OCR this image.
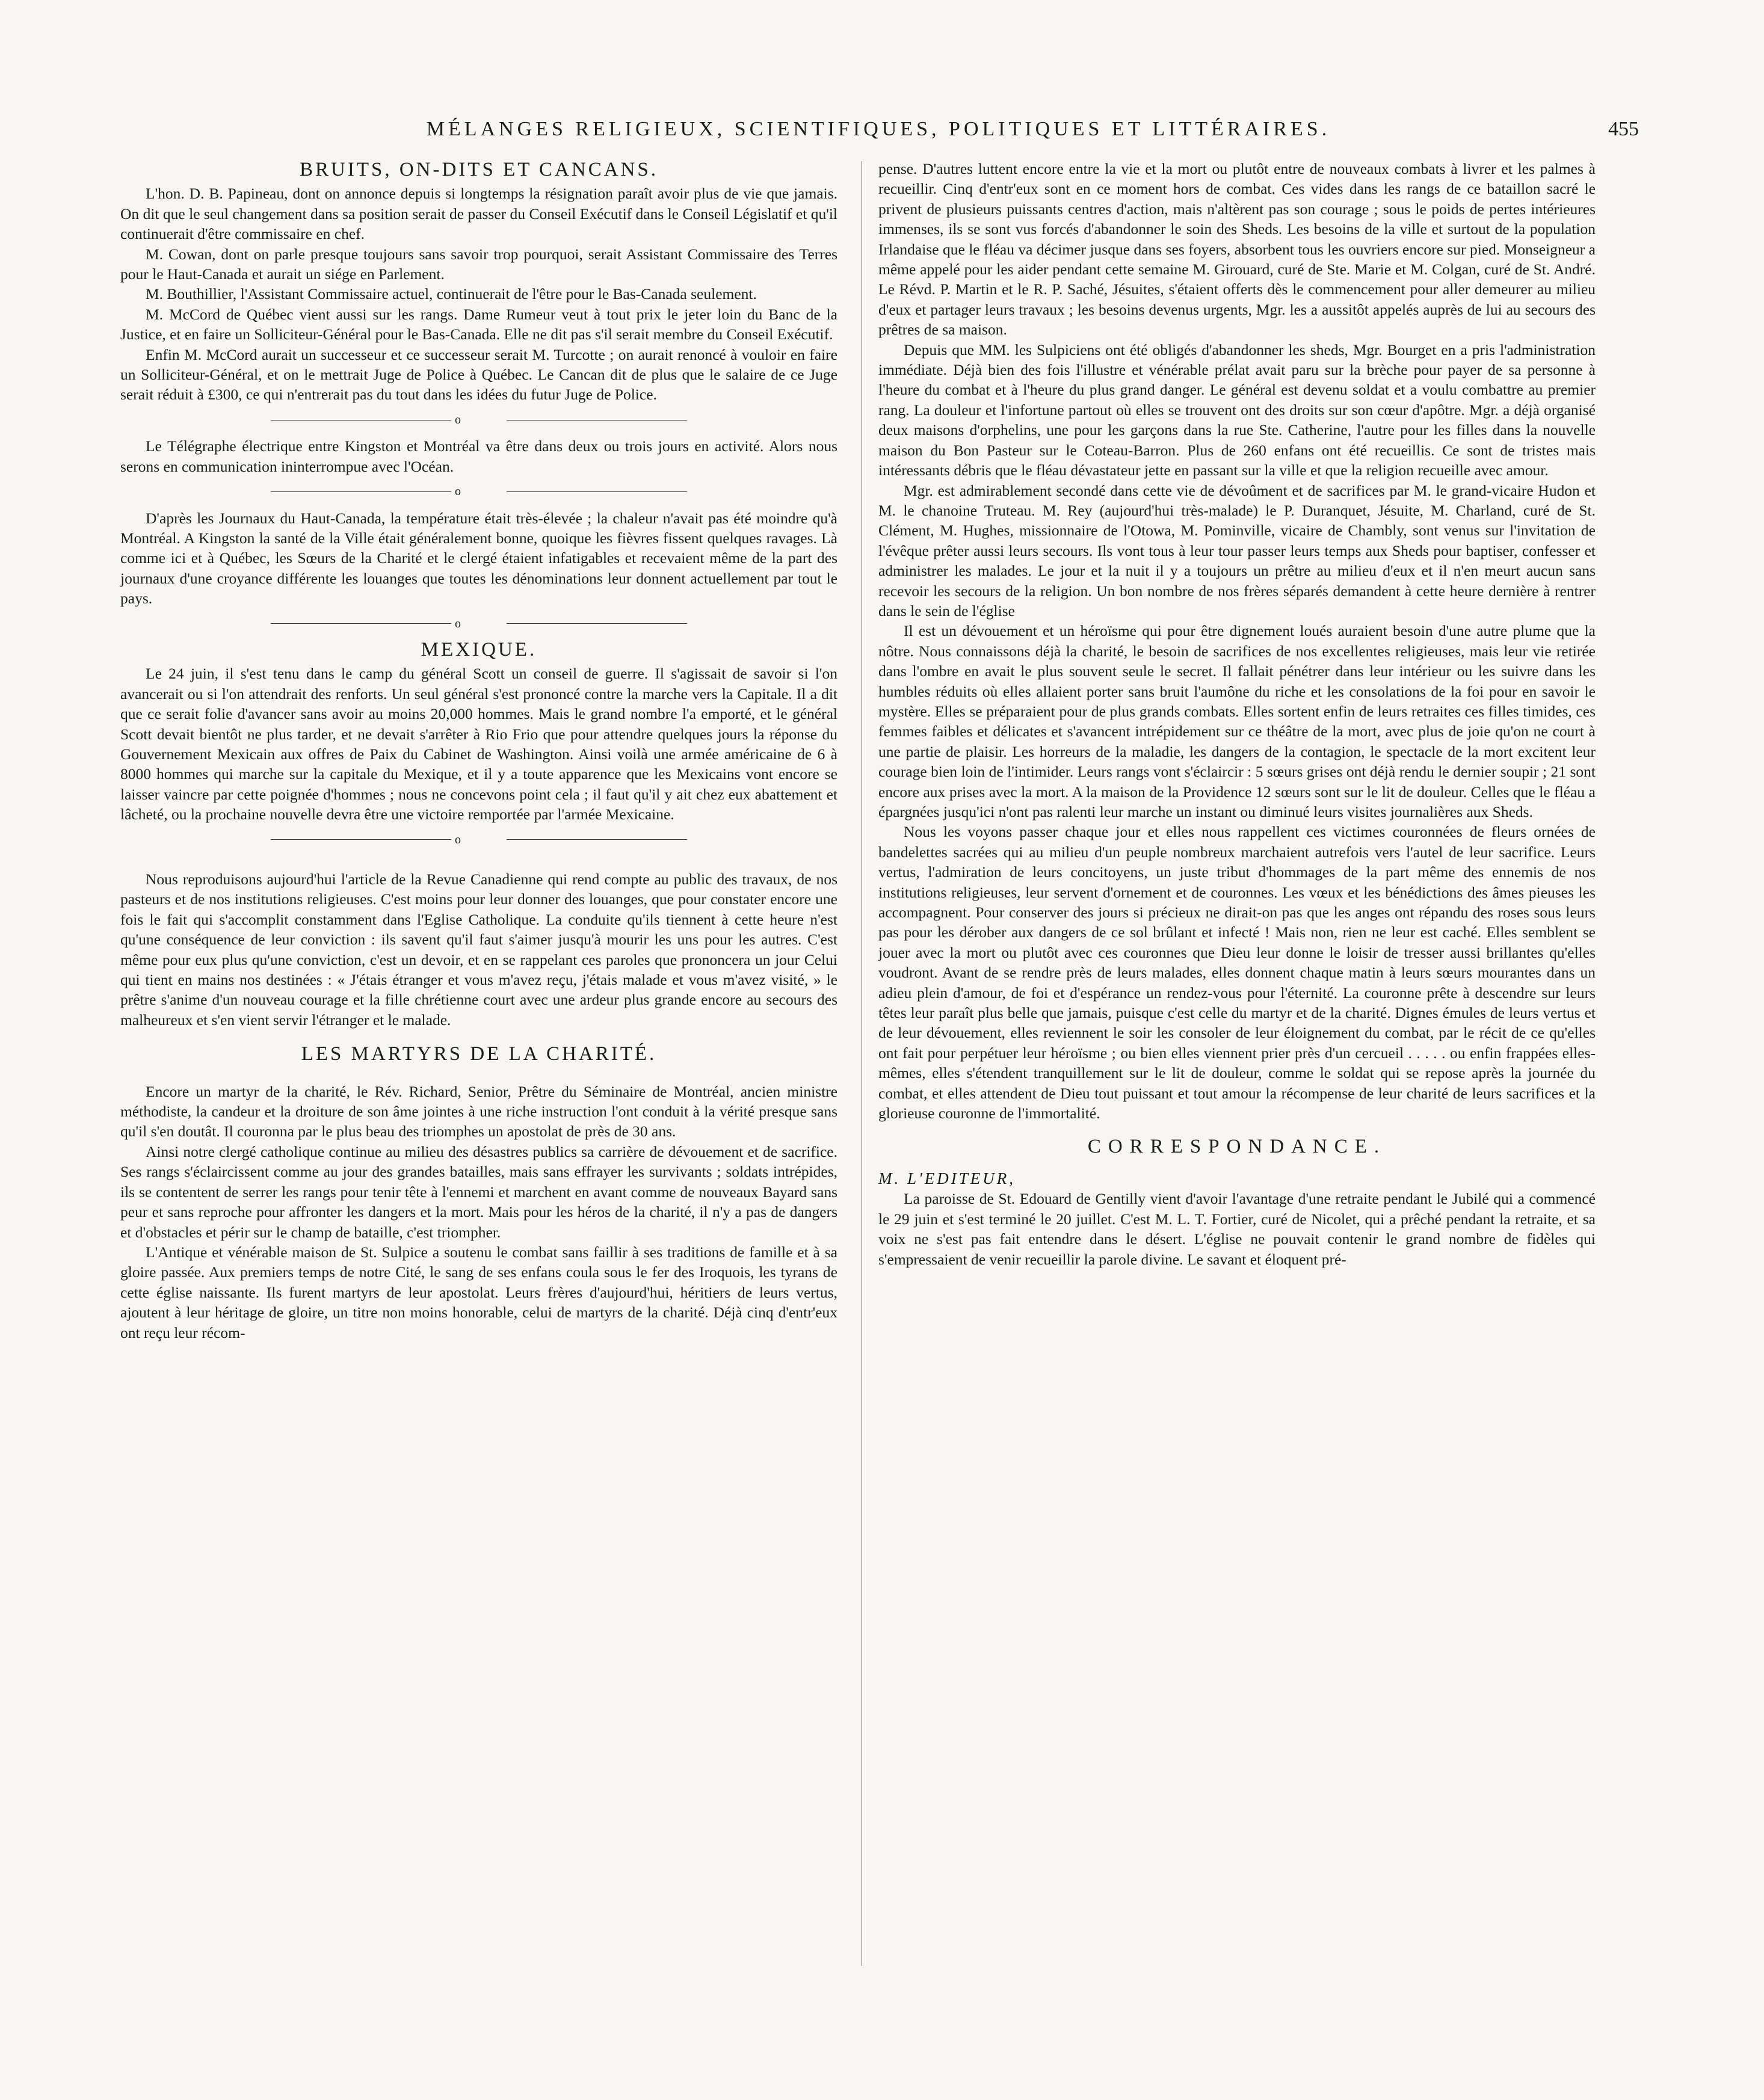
MÉLANGES RELIGIEUX, SCIENTIFIQUES, POLITIQUES ET LITTÉRAIRES.	455
BRUITS, ON-DITS ET CANCANS.

L'hon. D. B. Papineau, dont on annonce depuis si longtemps la résignation paraît avoir plus de vie que jamais. On dit que le seul changement dans sa position serait de passer du Conseil Exécutif dans le Conseil Législatif et qu'il continuerait d'être commissaire en chef.

M. Cowan, dont on parle presque toujours sans savoir trop pourquoi, serait Assistant Commissaire des Terres pour le Haut-Canada et aurait un siége en Parlement.

M. Bouthillier, l'Assistant Commissaire actuel, continuerait de l'être pour le Bas-Canada seulement.

M. McCord de Québec vient aussi sur les rangs. Dame Rumeur veut à tout prix le jeter loin du Banc de la Justice, et en faire un Solliciteur-Général pour le Bas-Canada. Elle ne dit pas s'il serait membre du Conseil Exécutif.

Enfin M. McCord aurait un successeur et ce successeur serait M. Turcotte ; on aurait renoncé à vouloir en faire un Solliciteur-Général, et on le mettrait Juge de Police à Québec. Le Cancan dit de plus que le salaire de ce Juge serait réduit à £300, ce qui n'entrerait pas du tout dans les idées du futur Juge de Police.

o

Le Télégraphe électrique entre Kingston et Montréal va être dans deux ou trois jours en activité. Alors nous serons en communication ininterrompue avec l'Océan.

o

D'après les Journaux du Haut-Canada, la température était très-élevée ; la chaleur n'avait pas été moindre qu'à Montréal. A Kingston la santé de la Ville était généralement bonne, quoique les fièvres fissent quelques ravages. Là comme ici et à Québec, les Sœurs de la Charité et le clergé étaient infatigables et recevaient même de la part des journaux d'une croyance différente les louanges que toutes les dénominations leur donnent actuellement par tout le pays.

o
MEXIQUE.

Le 24 juin, il s'est tenu dans le camp du général Scott un conseil de guerre. Il s'agissait de savoir si l'on avancerait ou si l'on attendrait des renforts. Un seul général s'est prononcé contre la marche vers la Capitale. Il a dit que ce serait folie d'avancer sans avoir au moins 20,000 hommes. Mais le grand nombre l'a emporté, et le général Scott devait bientôt ne plus tarder, et ne devait s'arrêter à Rio Frio que pour attendre quelques jours la réponse du Gouvernement Mexicain aux offres de Paix du Cabinet de Washington. Ainsi voilà une armée américaine de 6 à 8000 hommes qui marche sur la capitale du Mexique, et il y a toute apparence que les Mexicains vont encore se laisser vaincre par cette poignée d'hommes ; nous ne concevons point cela ; il faut qu'il y ait chez eux abattement et lâcheté, ou la prochaine nouvelle devra être une victoire remportée par l'armée Mexicaine.

o

Nous reproduisons aujourd'hui l'article de la Revue Canadienne qui rend compte au public des travaux, de nos pasteurs et de nos institutions religieuses. C'est moins pour leur donner des louanges, que pour constater encore une fois le fait qui s'accomplit constamment dans l'Eglise Catholique. La conduite qu'ils tiennent à cette heure n'est qu'une conséquence de leur conviction : ils savent qu'il faut s'aimer jusqu'à mourir les uns pour les autres. C'est même pour eux plus qu'une conviction, c'est un devoir, et en se rappelant ces paroles que prononcera un jour Celui qui tient en mains nos destinées : « J'étais étranger et vous m'avez reçu, j'étais malade et vous m'avez visité, » le prêtre s'anime d'un nouveau courage et la fille chrétienne court avec une ardeur plus grande encore au secours des malheureux et s'en vient servir l'étranger et le malade.

LES MARTYRS DE LA CHARITÉ.

Encore un martyr de la charité, le Rév. Richard, Senior, Prêtre du Séminaire de Montréal, ancien ministre méthodiste, la candeur et la droiture de son âme jointes à une riche instruction l'ont conduit à la vérité presque sans qu'il s'en doutât. Il couronna par le plus beau des triomphes un apostolat de près de 30 ans.

Ainsi notre clergé catholique continue au milieu des désastres publics sa carrière de dévouement et de sacrifice. Ses rangs s'éclaircissent comme au jour des grandes batailles, mais sans effrayer les survivants ; soldats intrépides, ils se contentent de serrer les rangs pour tenir tête à l'ennemi et marchent en avant comme de nouveaux Bayard sans peur et sans reproche pour affronter les dangers et la mort. Mais pour les héros de la charité, il n'y a pas de dangers et d'obstacles et périr sur le champ de bataille, c'est triompher.

L'Antique et vénérable maison de St. Sulpice a soutenu le combat sans faillir à ses traditions de famille et à sa gloire passée. Aux premiers temps de notre Cité, le sang de ses enfans coula sous le fer des Iroquois, les tyrans de cette église naissante. Ils furent martyrs de leur apostolat. Leurs frères d'aujourd'hui, héritiers de leurs vertus, ajoutent à leur héritage de gloire, un titre non moins honorable, celui de martyrs de la charité. Déjà cinq d'entr'eux ont reçu leur récom-

pense. D'autres luttent encore entre la vie et la mort ou plutôt entre de nouveaux combats à livrer et les palmes à recueillir. Cinq d'entr'eux sont en ce moment hors de combat. Ces vides dans les rangs de ce bataillon sacré le privent de plusieurs puissants centres d'action, mais n'altèrent pas son courage ; sous le poids de pertes intérieures immenses, ils se sont vus forcés d'abandonner le soin des Sheds. Les besoins de la ville et surtout de la population Irlandaise que le fléau va décimer jusque dans ses foyers, absorbent tous les ouvriers encore sur pied. Monseigneur a même appelé pour les aider pendant cette semaine M. Girouard, curé de Ste. Marie et M. Colgan, curé de St. André. Le Révd. P. Martin et le R. P. Saché, Jésuites, s'étaient offerts dès le commencement pour aller demeurer au milieu d'eux et partager leurs travaux ; les besoins devenus urgents, Mgr. les a aussitôt appelés auprès de lui au secours des prêtres de sa maison.

Depuis que MM. les Sulpiciens ont été obligés d'abandonner les sheds, Mgr. Bourget en a pris l'administration immédiate. Déjà bien des fois l'illustre et vénérable prélat avait paru sur la brèche pour payer de sa personne à l'heure du combat et à l'heure du plus grand danger. Le général est devenu soldat et a voulu combattre au premier rang. La douleur et l'infortune partout où elles se trouvent ont des droits sur son cœur d'apôtre. Mgr. a déjà organisé deux maisons d'orphelins, une pour les garçons dans la rue Ste. Catherine, l'autre pour les filles dans la nouvelle maison du Bon Pasteur sur le Coteau-Barron. Plus de 260 enfans ont été recueillis. Ce sont de tristes mais intéressants débris que le fléau dévastateur jette en passant sur la ville et que la religion recueille avec amour.

Mgr. est admirablement secondé dans cette vie de dévoûment et de sacrifices par M. le grand-vicaire Hudon et M. le chanoine Truteau. M. Rey (aujourd'hui très-malade) le P. Duranquet, Jésuite, M. Charland, curé de St. Clément, M. Hughes, missionnaire de l'Otowa, M. Pominville, vicaire de Chambly, sont venus sur l'invitation de l'évêque prêter aussi leurs secours. Ils vont tous à leur tour passer leurs temps aux Sheds pour baptiser, confesser et administrer les malades. Le jour et la nuit il y a toujours un prêtre au milieu d'eux et il n'en meurt aucun sans recevoir les secours de la religion. Un bon nombre de nos frères séparés demandent à cette heure dernière à rentrer dans le sein de l'église

Il est un dévouement et un héroïsme qui pour être dignement loués auraient besoin d'une autre plume que la nôtre. Nous connaissons déjà la charité, le besoin de sacrifices de nos excellentes religieuses, mais leur vie retirée dans l'ombre en avait le plus souvent seule le secret. Il fallait pénétrer dans leur intérieur ou les suivre dans les humbles réduits où elles allaient porter sans bruit l'aumône du riche et les consolations de la foi pour en savoir le mystère. Elles se préparaient pour de plus grands combats. Elles sortent enfin de leurs retraites ces filles timides, ces femmes faibles et délicates et s'avancent intrépidement sur ce théâtre de la mort, avec plus de joie qu'on ne court à une partie de plaisir. Les horreurs de la maladie, les dangers de la contagion, le spectacle de la mort excitent leur courage bien loin de l'intimider. Leurs rangs vont s'éclaircir : 5 sœurs grises ont déjà rendu le dernier soupir ; 21 sont encore aux prises avec la mort. A la maison de la Providence 12 sœurs sont sur le lit de douleur. Celles que le fléau a épargnées jusqu'ici n'ont pas ralenti leur marche un instant ou diminué leurs visites journalières aux Sheds.

Nous les voyons passer chaque jour et elles nous rappellent ces victimes couronnées de fleurs ornées de bandelettes sacrées qui au milieu d'un peuple nombreux marchaient autrefois vers l'autel de leur sacrifice. Leurs vertus, l'admiration de leurs concitoyens, un juste tribut d'hommages de la part même des ennemis de nos institutions religieuses, leur servent d'ornement et de couronnes. Les vœux et les bénédictions des âmes pieuses les accompagnent. Pour conserver des jours si précieux ne dirait-on pas que les anges ont répandu des roses sous leurs pas pour les dérober aux dangers de ce sol brûlant et infecté ! Mais non, rien ne leur est caché. Elles semblent se jouer avec la mort ou plutôt avec ces couronnes que Dieu leur donne le loisir de tresser aussi brillantes qu'elles voudront. Avant de se rendre près de leurs malades, elles donnent chaque matin à leurs sœurs mourantes dans un adieu plein d'amour, de foi et d'espérance un rendez-vous pour l'éternité. La couronne prête à descendre sur leurs têtes leur paraît plus belle que jamais, puisque c'est celle du martyr et de la charité. Dignes émules de leurs vertus et de leur dévouement, elles reviennent le soir les consoler de leur éloignement du combat, par le récit de ce qu'elles ont fait pour perpétuer leur héroïsme ; ou bien elles viennent prier près d'un cercueil . . . . . ou enfin frappées elles-mêmes, elles s'étendent tranquillement sur le lit de douleur, comme le soldat qui se repose après la journée du combat, et elles attendent de Dieu tout puissant et tout amour la récompense de leur charité de leurs sacrifices et la glorieuse couronne de l'immortalité.

CORRESPONDANCE.

M. L'EDITEUR,

La paroisse de St. Edouard de Gentilly vient d'avoir l'avantage d'une retraite pendant le Jubilé qui a commencé le 29 juin et s'est terminé le 20 juillet. C'est M. L. T. Fortier, curé de Nicolet, qui a prêché pendant la retraite, et sa voix ne s'est pas fait entendre dans le désert. L'église ne pouvait contenir le grand nombre de fidèles qui s'empressaient de venir recueillir la parole divine. Le savant et éloquent pré-
